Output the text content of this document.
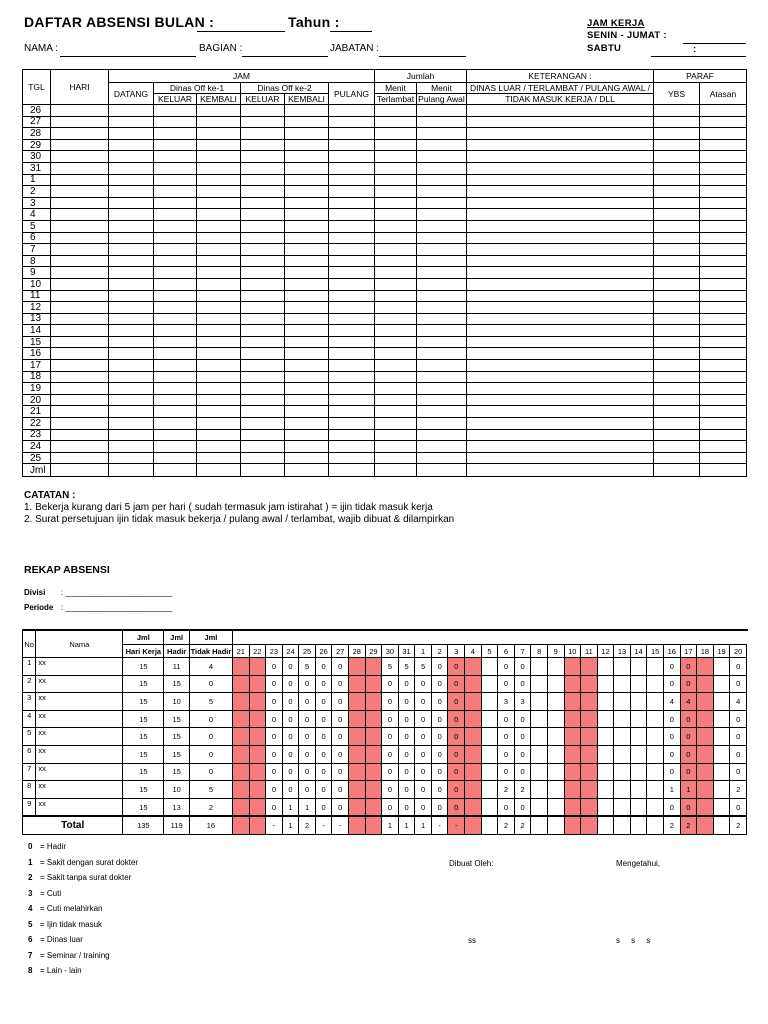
DAFTAR ABSENSI BULAN :	Tahun :
NAMA :	BAGIAN :	JABATAN :
JAM KERJA
SENIN - JUMAT :
SABTU	:
TGL	HARI	JAM						Jumlah		KETERANGAN :	PARAF	
		DATANG	Dinas Off ke-1		Dinas Off ke-2		PULANG	Menit	Menit	DINAS LUAR / TERLAMBAT / PULANG AWAL /	YBS	Atasan
			KELUAR	KEMBALI	KELUAR	KEMBALI		Terlambat	Pulang Awal	TIDAK MASUK KERJA / DLL		
26												
27												
28												
29												
30												
31												
1												
2												
3												
4												
5												
6												
7												
8												
9												
10												
11												
12												
13												
14												
15												
16												
17												
18												
19												
20												
21												
22												
23												
24												
25												
Jml												
CATATAN :
1. Bekerja kurang dari 5 jam per hari ( sudah termasuk jam istirahat ) = ijin tidak masuk kerja
2. Surat persetujuan ijin tidak masuk bekerja / pulang awal / terlambat, wajib dibuat & dilampirkan
REKAP ABSENSI
Divisi : ________________________
Periode : ________________________
No	Nama	Jml	Jml	Jml																															
		Hari Kerja	Hadir	Tidak Hadir	21	22	23	24	25	26	27	28	29	30	31	1	2	3	4	5	6	7	8	9	10	11	12	13	14	15	16	17	18	19	20
1	xx	15	11	4			0	0	5	0	0			5	5	5	0	0			0	0									0	0			0
2	xx	15	15	0			0	0	0	0	0			0	0	0	0	0			0	0									0	0			0
3	xx	15	10	5			0	0	0	0	0			0	0	0	0	0			3	3									4	4			4
4	xx	15	15	0			0	0	0	0	0			0	0	0	0	0			0	0									0	0			0
5	xx	15	15	0			0	0	0	0	0			0	0	0	0	0			0	0									0	0			0
6	xx	15	15	0			0	0	0	0	0			0	0	0	0	0			0	0									0	0			0
7	xx	15	15	0			0	0	0	0	0			0	0	0	0	0			0	0									0	0			0
8	xx	15	10	5			0	0	0	0	0			0	0	0	0	0			2	2									1	1			2
9	xx	15	13	2			0	1	1	0	0			0	0	0	0	0			0	0									0	0			0
Total		135	119	16			-	1	2	-	-			1	1	1	-	-			2	2									2	2			2
0 = Hadir
1 = Sakit dengan surat dokter
2 = Sakit tanpa surat dokter
3 = Cuti
4 = Cuti melahirkan
5 = Ijin tidak masuk
6 = Dinas luar
7 = Seminar / training
8 = Lain - lain
Dibuat Oleh:	Mengetahui,
ss	s     s     s
